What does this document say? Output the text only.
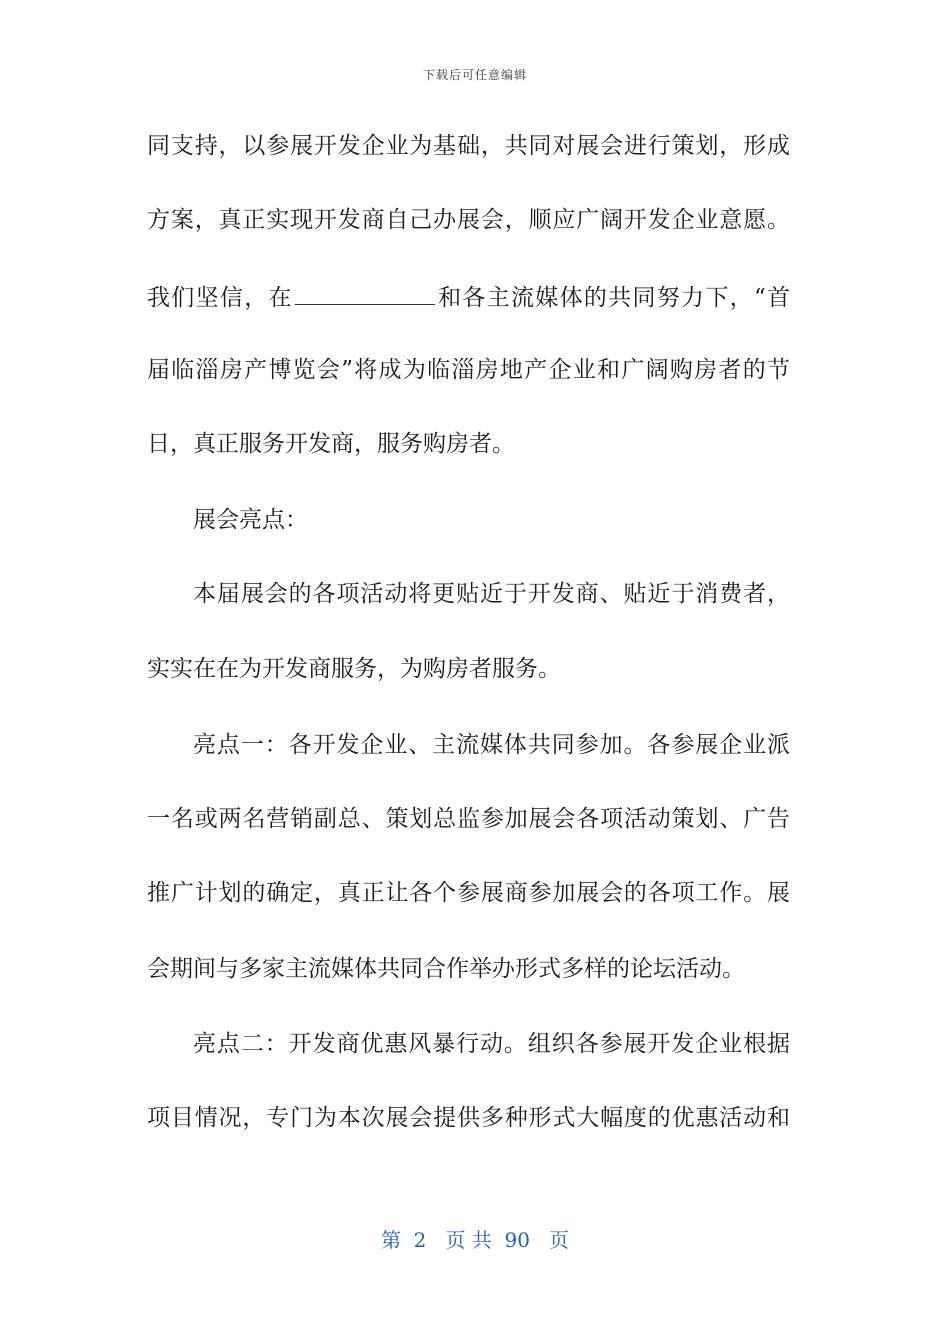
下载后可任意编辑
同支持，以参展开发企业为基础，共同对展会进行策划，形成
方案，真正实现开发商自己办展会，顺应广阔开发企业意愿。
我们坚信，在	和各主流媒体的共同努力下，“首
届临淄房产博览会”将成为临淄房地产企业和广阔购房者的节
日，真正服务开发商，服务购房者。
展会亮点：
本届展会的各项活动将更贴近于开发商、贴近于消费者，
实实在在为开发商服务，为购房者服务。
亮点一：各开发企业、主流媒体共同参加。各参展企业派
一名或两名营销副总、策划总监参加展会各项活动策划、广告
推广计划的确定，真正让各个参展商参加展会的各项工作。展
会期间与多家主流媒体共同合作举办形式多样的论坛活动。
亮点二：开发商优惠风暴行动。组织各参展开发企业根据
项目情况，专门为本次展会提供多种形式大幅度的优惠活动和
第  2   页 共  90   页
